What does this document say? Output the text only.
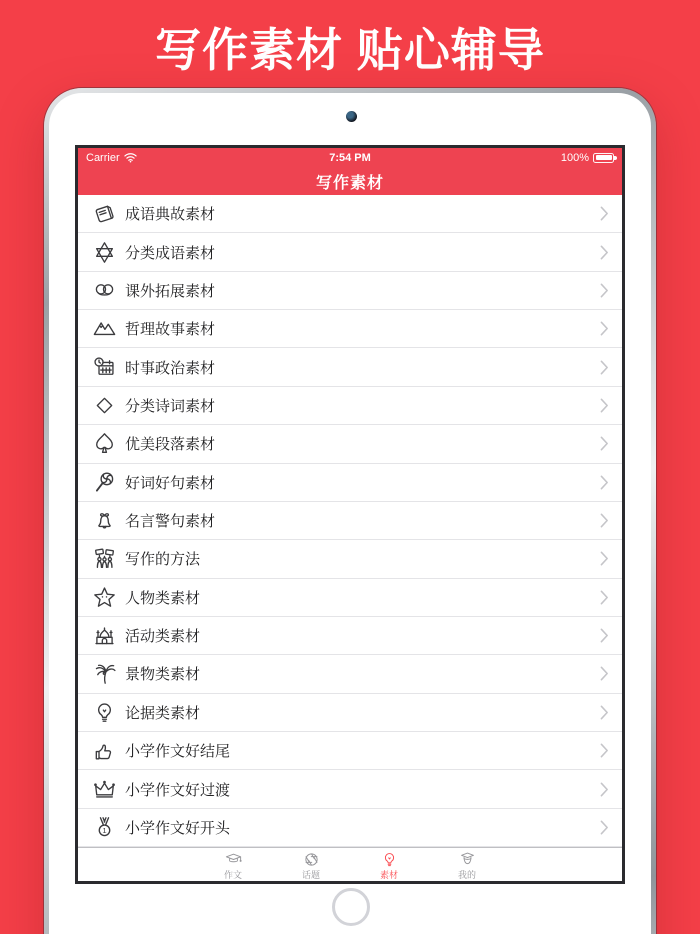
写作素材 贴心辅导
Carrier	7:54 PM	100%
写作素材
成语典故素材
分类成语素材
课外拓展素材
哲理故事素材
时事政治素材
分类诗词素材
优美段落素材
好词好句素材
名言警句素材
写作的方法
人物类素材
活动类素材
景物类素材
论据类素材
小学作文好结尾
小学作文好过渡
1 小学作文好开头
作文	话题	素材	我的
